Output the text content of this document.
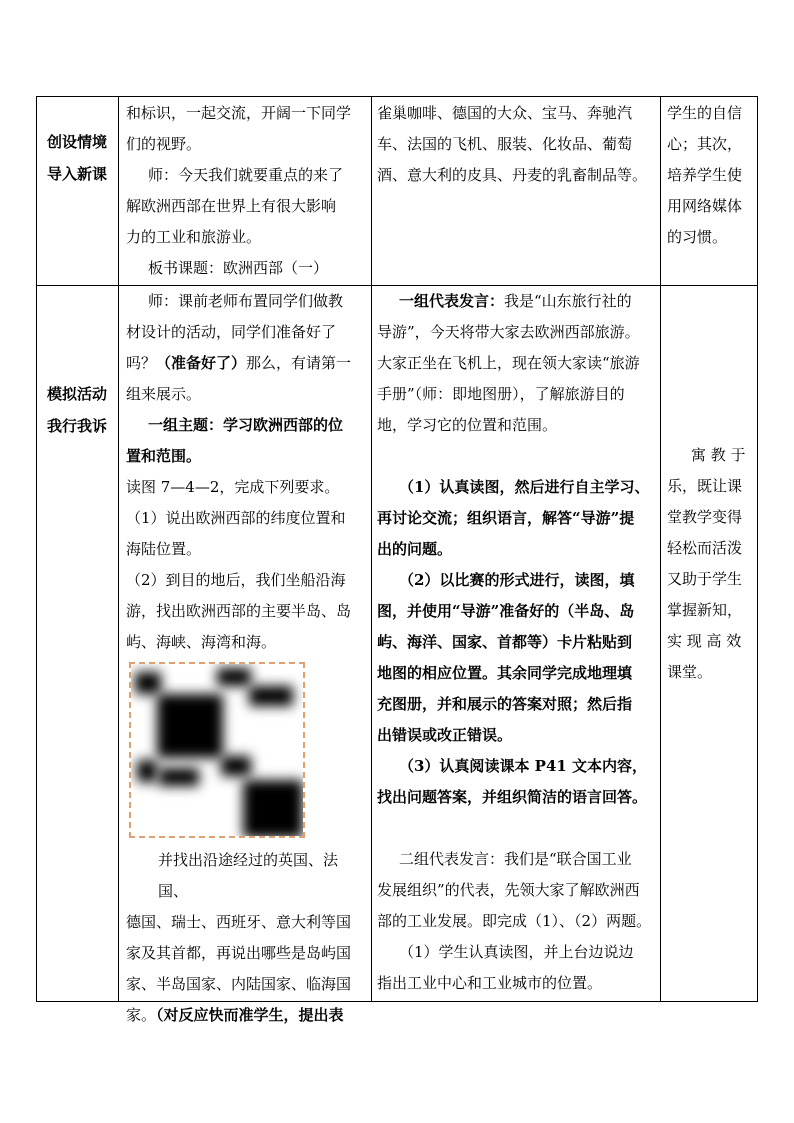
创设情境
导入新课

和标识，一起交流，开阔一下同学

们的视野。

师：今天我们就要重点的来了

解欧洲西部在世界上有很大影响

力的工业和旅游业。

板书课题：欧洲西部（一）

雀巢咖啡、德国的大众、宝马、奔驰汽

车、法国的飞机、服装、化妆品、葡萄

酒、意大利的皮具、丹麦的乳畜制品等。

学生的自信

心；其次，

培养学生使

用网络媒体

的习惯。

模拟活动
我行我诉

师：课前老师布置同学们做教

材设计的活动，同学们准备好了

吗？（准备好了）那么，有请第一

组来展示。

一组主题：学习欧洲西部的位

置和范围。

读图 7—4—2，完成下列要求。

（1）说出欧洲西部的纬度位置和

海陆位置。

（2）到目的地后，我们坐船沿海

游，找出欧洲西部的主要半岛、岛

屿、海峡、海湾和海。

并找出沿途经过的英国、法国、

德国、瑞士、西班牙、意大利等国

家及其首都，再说出哪些是岛屿国

家、半岛国家、内陆国家、临海国

家。（对反应快而准学生，提出表

一组代表发言：我是“山东旅行社的

导游”，今天将带大家去欧洲西部旅游。

大家正坐在飞机上，现在领大家读“旅游

手册”（师：即地图册），了解旅游目的

地，学习它的位置和范围。

（1）认真读图，然后进行自主学习、

再讨论交流；组织语言，解答“导游”提

出的问题。

（2）以比赛的形式进行，读图，填

图，并使用“导游”准备好的（半岛、岛

屿、海洋、国家、首都等）卡片粘贴到

地图的相应位置。其余同学完成地理填

充图册，并和展示的答案对照；然后指

出错误或改正错误。

（3）认真阅读课本 P41 文本内容，

找出问题答案，并组织简洁的语言回答。

二组代表发言：我们是“联合国工业

发展组织”的代表，先领大家了解欧洲西

部的工业发展。即完成（1）、（2）两题。

（1）学生认真读图，并上台边说边

指出工业中心和工业城市的位置。

寓 教 于

乐，既让课

堂教学变得

轻松而活泼

又助于学生

掌握新知，

实 现 高 效

课堂。
